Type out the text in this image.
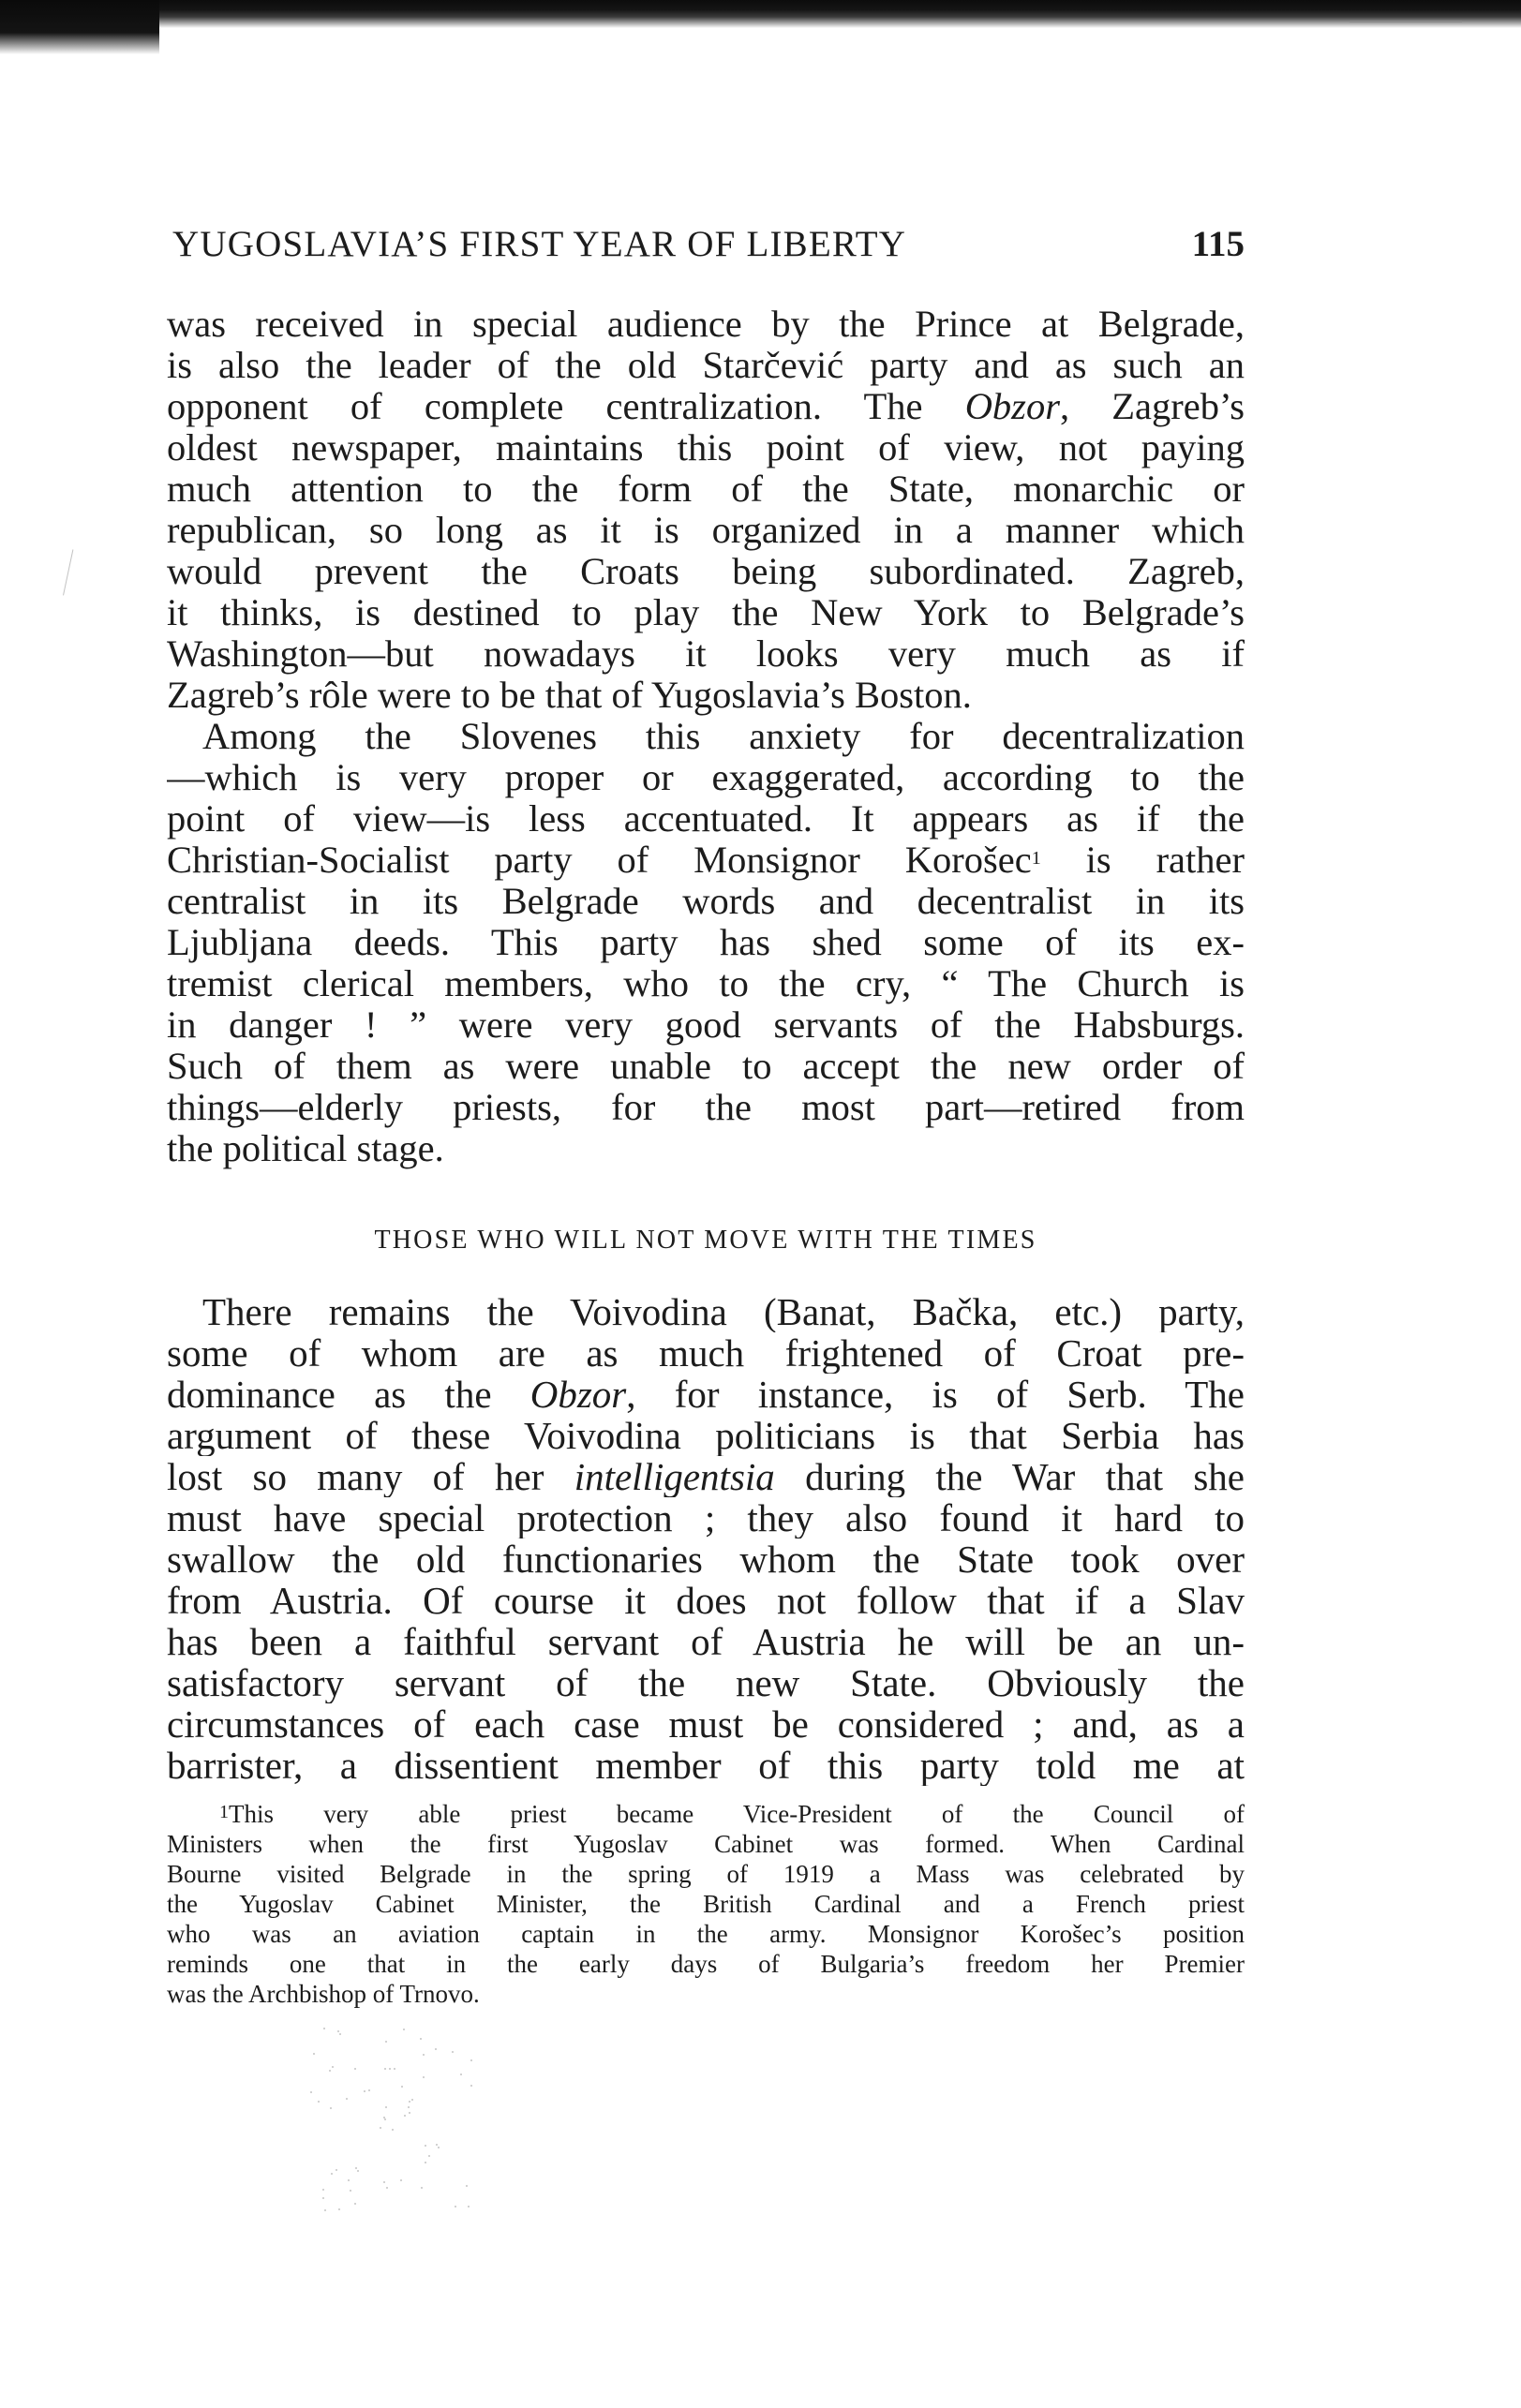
YUGOSLAVIA’S FIRST YEAR OF LIBERTY	115
was received in special audience by the Prince at Belgrade,
is also the leader of the old Starčević party and as such an
opponent of complete centralization. The Obzor, Zagreb’s
oldest newspaper, maintains this point of view, not paying
much attention to the form of the State, monarchic or
republican, so long as it is organized in a manner which
would prevent the Croats being subordinated. Zagreb,
it thinks, is destined to play the New York to Belgrade’s
Washington—but nowadays it looks very much as if
Zagreb’s rôle were to be that of Yugoslavia’s Boston.
Among the Slovenes this anxiety for decentralization
—which is very proper or exaggerated, according to the
point of view—is less accentuated. It appears as if the
Christian-Socialist party of Monsignor Korošec$^1$ is rather
centralist in its Belgrade words and decentralist in its
Ljubljana deeds. This party has shed some of its ex-
tremist clerical members, who to the cry, “ The Church is
in danger ! ” were very good servants of the Habsburgs.
Such of them as were unable to accept the new order of
things—elderly priests, for the most part—retired from
the political stage.
THOSE WHO WILL NOT MOVE WITH THE TIMES
There remains the Voivodina (Banat, Bačka, etc.) party,
some of whom are as much frightened of Croat pre-
dominance as the Obzor, for instance, is of Serb. The
argument of these Voivodina politicians is that Serbia has
lost so many of her intelligentsia during the War that she
must have special protection ; they also found it hard to
swallow the old functionaries whom the State took over
from Austria. Of course it does not follow that if a Slav
has been a faithful servant of Austria he will be an un-
satisfactory servant of the new State. Obviously the
circumstances of each case must be considered ; and, as a
barrister, a dissentient member of this party told me at
$^1$This very able priest became Vice-President of the Council of
Ministers when the first Yugoslav Cabinet was formed. When Cardinal
Bourne visited Belgrade in the spring of 1919 a Mass was celebrated by
the Yugoslav Cabinet Minister, the British Cardinal and a French priest
who was an aviation captain in the army. Monsignor Korošec’s position
reminds one that in the early days of Bulgaria’s freedom her Premier
was the Archbishop of Trnovo.
